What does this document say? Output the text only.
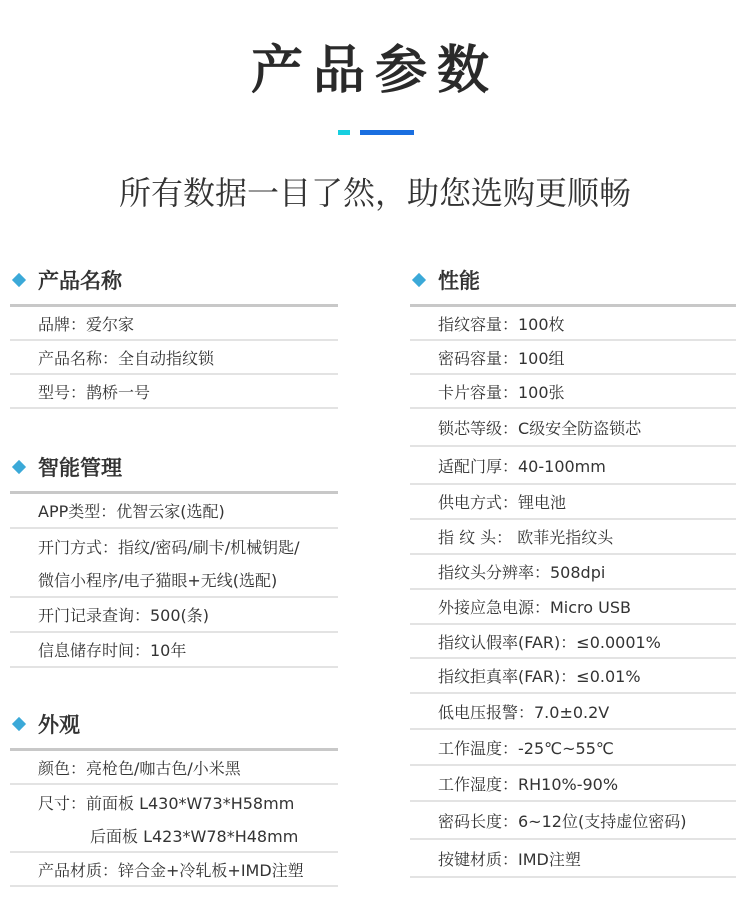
产品参数
所有数据一目了然，助您选购更顺畅
产品名称
品牌：爱尔家
产品名称：全自动指纹锁
型号：鹊桥一号
智能管理
APP类型：优智云家(选配)
开门方式：指纹/密码/刷卡/机械钥匙/
微信小程序/电子猫眼+无线(选配)
开门记录查询：500(条)
信息储存时间：10年
外观
颜色：亮枪色/咖古色/小米黑
尺寸：前面板 L430*W73*H58mm
后面板 L423*W78*H48mm
产品材质：锌合金+冷轧板+IMD注塑
性能
指纹容量：100枚
密码容量：100组
卡片容量：100张
锁芯等级：C级安全防盗锁芯
适配门厚：40-100mm
供电方式：锂电池
指 纹 头： 欧菲光指纹头
指纹头分辨率：508dpi
外接应急电源：Micro USB
指纹认假率(FAR)：≤0.0001%
指纹拒真率(FAR)：≤0.01%
低电压报警：7.0±0.2V
工作温度：-25℃~55℃
工作湿度：RH10%-90%
密码长度：6~12位(支持虚位密码)
按键材质：IMD注塑
